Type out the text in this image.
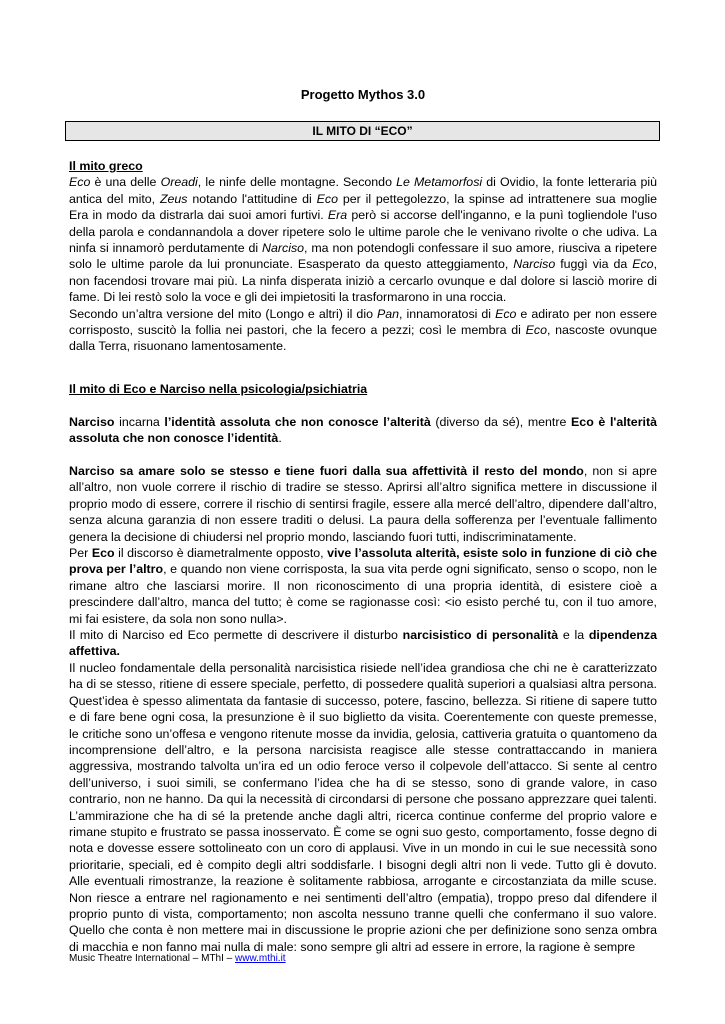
Progetto Mythos 3.0
IL MITO DI “ECO”

Il mito greco

Eco è una delle Oreadi, le ninfe delle montagne. Secondo Le Metamorfosi di Ovidio, la fonte letteraria più antica del mito, Zeus notando l'attitudine di Eco per il pettegolezzo, la spinse ad intrattenere sua moglie Era in modo da distrarla dai suoi amori furtivi. Era però si accorse dell'inganno, e la punì togliendole l'uso della parola e condannandola a dover ripetere solo le ultime parole che le venivano rivolte o che udiva. La ninfa si innamorò perdutamente di Narciso, ma non potendogli confessare il suo amore, riusciva a ripetere solo le ultime parole da lui pronunciate. Esasperato da questo atteggiamento, Narciso fuggì via da Eco, non facendosi trovare mai più. La ninfa disperata iniziò a cercarlo ovunque e dal dolore si lasciò morire di fame. Di lei restò solo la voce e gli dei impietositi la trasformarono in una roccia.

Secondo un’altra versione del mito (Longo e altri) il dio Pan, innamoratosi di Eco e adirato per non essere corrisposto, suscitò la follia nei pastori, che la fecero a pezzi; così le membra di Eco, nascoste ovunque dalla Terra, risuonano lamentosamente.

Il mito di Eco e Narciso nella psicologia/psichiatria

Narciso incarna l’identità assoluta che non conosce l’alterità (diverso da sé), mentre Eco è l'alterità assoluta che non conosce l’identità.

Narciso sa amare solo se stesso e tiene fuori dalla sua affettività il resto del mondo, non si apre all’altro, non vuole correre il rischio di tradire se stesso. Aprirsi all’altro significa mettere in discussione il proprio modo di essere, correre il rischio di sentirsi fragile, essere alla mercé dell’altro, dipendere dall’altro, senza alcuna garanzia di non essere traditi o delusi. La paura della sofferenza per l’eventuale fallimento genera la decisione di chiudersi nel proprio mondo, lasciando fuori tutti, indiscriminatamente.

Per Eco il discorso è diametralmente opposto, vive l’assoluta alterità, esiste solo in funzione di ciò che prova per l’altro, e quando non viene corrisposta, la sua vita perde ogni significato, senso o scopo, non le rimane altro che lasciarsi morire. Il non riconoscimento di una propria identità, di esistere cioè a prescindere dall’altro, manca del tutto; è come se ragionasse così: <io esisto perché tu, con il tuo amore, mi fai esistere, da sola non sono nulla>.

Il mito di Narciso ed Eco permette di descrivere il disturbo narcisistico di personalità e la dipendenza affettiva.

Il nucleo fondamentale della personalità narcisistica risiede nell’idea grandiosa che chi ne è caratterizzato ha di se stesso, ritiene di essere speciale, perfetto, di possedere qualità superiori a qualsiasi altra persona. Quest’idea è spesso alimentata da fantasie di successo, potere, fascino, bellezza. Si ritiene di sapere tutto e di fare bene ogni cosa, la presunzione è il suo biglietto da visita. Coerentemente con queste premesse, le critiche sono un’offesa e vengono ritenute mosse da invidia, gelosia, cattiveria gratuita o quantomeno da incomprensione dell’altro, e la persona narcisista reagisce alle stesse contrattaccando in maniera aggressiva, mostrando talvolta un’ira ed un odio feroce verso il colpevole dell’attacco. Si sente al centro dell’universo, i suoi simili, se confermano l’idea che ha di se stesso, sono di grande valore, in caso contrario, non ne hanno. Da qui la necessità di circondarsi di persone che possano apprezzare quei talenti. L’ammirazione che ha di sé la pretende anche dagli altri, ricerca continue conferme del proprio valore e rimane stupito e frustrato se passa inosservato. È come se ogni suo gesto, comportamento, fosse degno di nota e dovesse essere sottolineato con un coro di applausi. Vive in un mondo in cui le sue necessità sono prioritarie, speciali, ed è compito degli altri soddisfarle. I bisogni degli altri non li vede. Tutto gli è dovuto. Alle eventuali rimostranze, la reazione è solitamente rabbiosa, arrogante e circostanziata da mille scuse. Non riesce a entrare nel ragionamento e nei sentimenti dell’altro (empatia), troppo preso dal difendere il proprio punto di vista, comportamento; non ascolta nessuno tranne quelli che confermano il suo valore. Quello che conta è non mettere mai in discussione le proprie azioni che per definizione sono senza ombra di macchia e non fanno mai nulla di male: sono sempre gli altri ad essere in errore, la ragione è sempre

Music Theatre International – MThI – www.mthi.it
